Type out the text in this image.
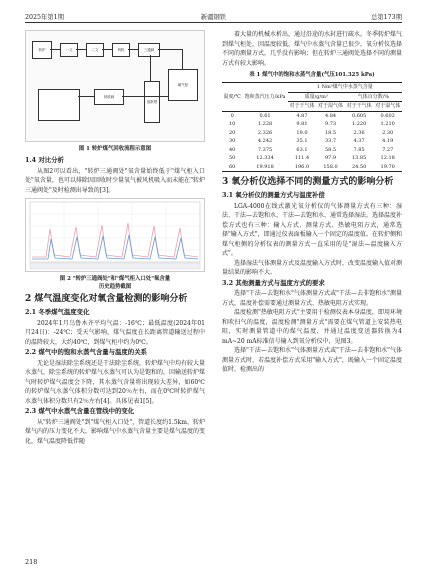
2025年第1期	新疆钢铁	总第173期
转炉	一文	二文	风机	三通阀
煤气柜
放散塔
回收阀
图 1 转炉煤气回收流程示意图
1.4 对比分析

从图2可以看出，"转炉三通阀处"氧含量始终低于"煤气柜入口处"氧含量，也可以排除因回收时少量氧气被风机吸入而未能在"转炉三通阀处"及时检测出导致的[3]。

图 2 "转炉三通阀处"和"煤气柜入口处"氧含量
历史趋势截图
2 煤气温度变化对氧含量检测的影响分析
2.1 冬季煤气温度变化

2024年1月乌鲁木齐平均气温：-16℃；最低温度(2024年01月24日)：-24℃；受天气影响，煤气温度在长距离管道输送过程中的温降较大，大约40℃，到煤气柜中约为0℃。

2.2 煤气中的饱和水蒸气含量与温度的关系

无论是湿法除尘系统还是干法除尘系统，转炉煤气中均有较大量水蒸气，除尘系统的转炉煤气水蒸气可认为是饱和的，因输送转炉煤气时转炉煤气温度会下降，其水蒸气含量将出现较大差异，如60℃的转炉煤气水蒸气体积分数可达到20％左右，而在0℃时转炉煤气水蒸气体积分数只有2％左右[4]。具体见表1[5]。

2.3 煤气中水蒸气含量在管线中的变化

从"转炉三通阀处"到"煤气柜入口处"，管道长度约1.5km，转炉煤气内的压力变化不大，影响煤气中水蒸气含量主要是煤气温度的变化，煤气温度降低伴随

着大量的机械水析出，通过沿途的水封进行疏水。冬季转炉煤气到煤气柜处，因温度较低，煤气中水蒸气含量已很少，氧分析仪选择不同的测量方式，几乎没有影响；但在转炉三通阀处选择不同的测量方式有较大影响。

表 1 煤气中的饱和水蒸气含量(气压101.325 kPa)
温度/℃	饱和蒸汽压力/kPa	1 Nm³煤气中水蒸气含量			
		质量/g/m³		气体百分数/%	
		对于干气体	对于湿气体	对于干气体	对于湿气体
0	0.61	4.87	4.84	0.605	0.602
10	1.228	9.81	9.73	1.220	1.210
20	2.326	19.0	18.5	2.36	2.30
30	4.242	35.1	33.7	4.37	4.19
40	7.375	63.1	58.5	7.85	7.27
50	12.334	111.4	97.9	13.85	12.18
60	19.918	196.0	158.0	24.50	19.70
3 氧分析仪选择不同的测量方式的影响分析
3.1 氧分析仪的测量方式与温度补偿

LGA-4000在线式激光氧分析仪的气体测量方式有三种：湿法、干法—去饱和水、干法—去饱和水、通常选择湿法。选择温度补偿方式也有三种：输入方式、测量方式、热敏电阻方式，通常选择"输入方式"，即通过仪表面板输入一个固定的温度值。在转炉侧和煤气柜侧的分析仪表的测量方式一直采用的是"湿法—温度输入方式"。

选择湿法气体测量方式及温度输入方式时，改变温度输入值对测量结果的影响不大。

3.2 其他测量方式与温度方式的要求

选择"干法—去饱和水"气体测量方式或"干法—去非饱和水"测量方式，温度补偿需要通过测量方式、热敏电阻方式实现。

温度检测"热敏电阻方式"主要用于检测仪表本身温度，即用环境和吹扫气的温度，温度检测"测量方式"需要在煤气管道上安装热电阻，实时测量管道中的煤气温度，并通过温度变送器转换为4 mA~20 mA标准信号输入到氧分析仪中，见图3。

选择"干法—去饱和水"气体测量方式或"干法—去非饱和水"气体测量方式时，若温度补偿方式采用"输入方式"，既输入一个固定温度值时，检测出的

218
